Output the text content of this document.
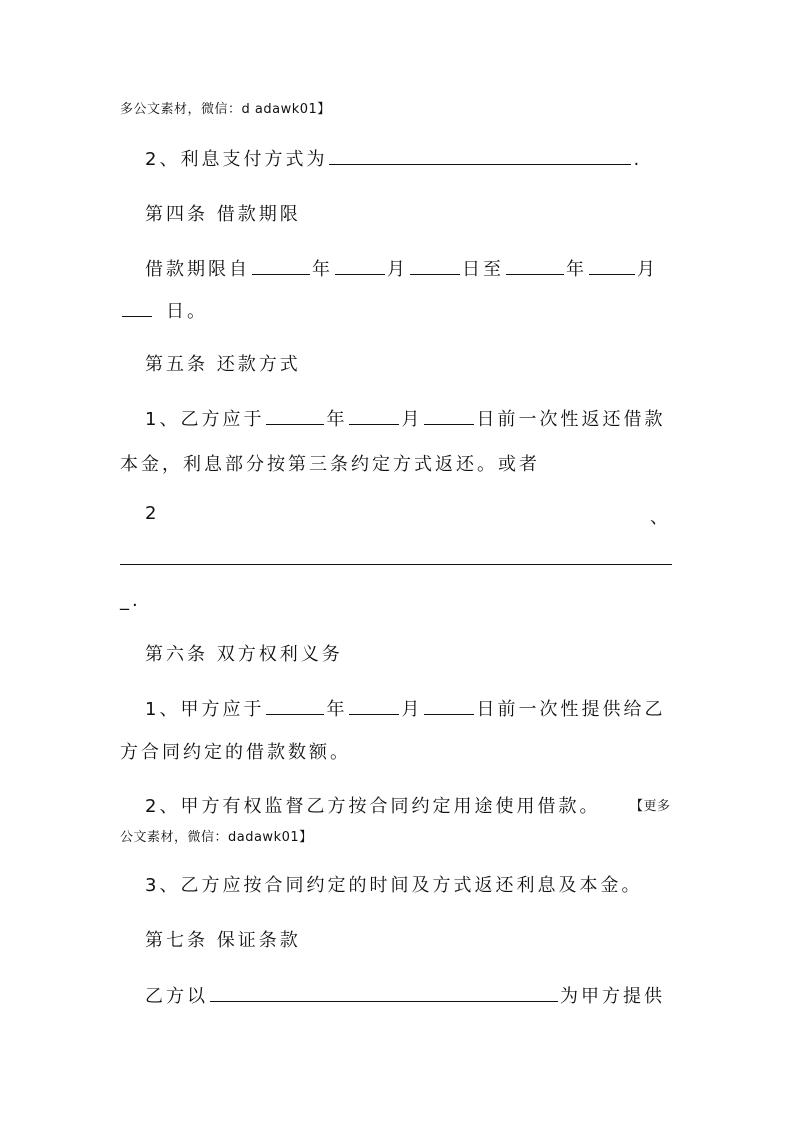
多公文素材，微信：d adawk01】
2、利息支付方式为	.
第四条 借款期限
借款期限自	年	月	日至	年	月
日。
第五条 还款方式
1、乙方应于	年	月	日前一次性返还借款
本金，利息部分按第三条约定方式返还。或者
2	、
_.
第六条 双方权利义务
1、甲方应于	年	月	日前一次性提供给乙
方合同约定的借款数额。
2、甲方有权监督乙方按合同约定用途使用借款。 【更多
公文素材，微信：dadawk01】
3、乙方应按合同约定的时间及方式返还利息及本金。
第七条 保证条款
乙方以	为甲方提供
